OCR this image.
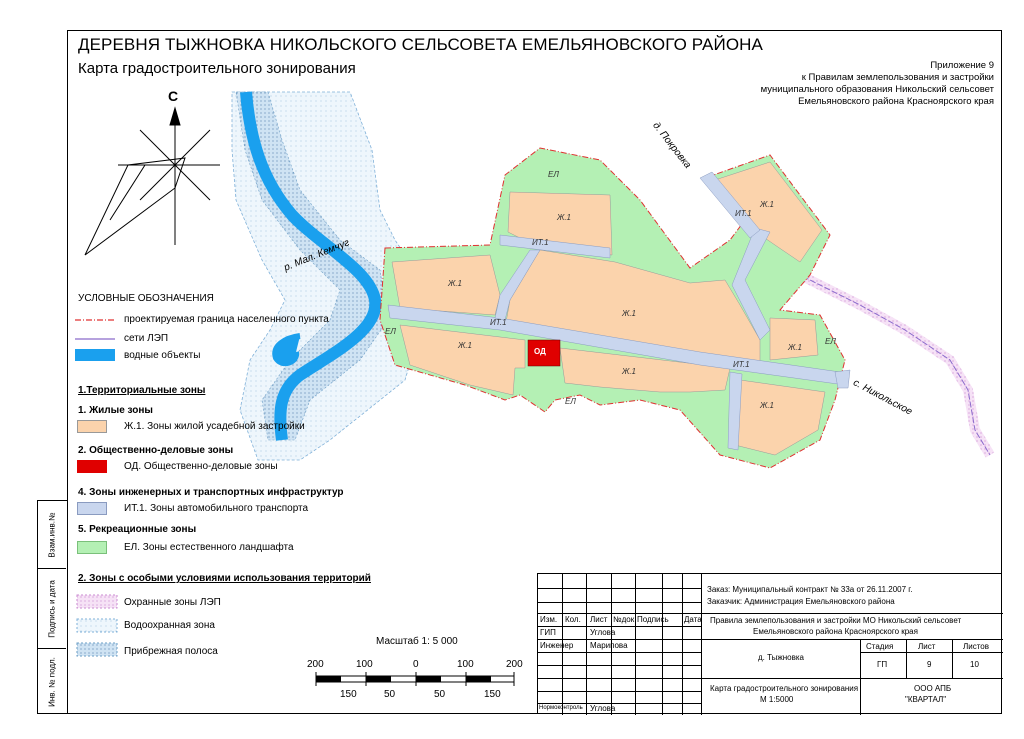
Взам.инв.№
Подпись и дата
Инв. № подл.
ДЕРЕВНЯ ТЫЖНОВКА НИКОЛЬСКОГО СЕЛЬСОВЕТА ЕМЕЛЬЯНОВСКОГО РАЙОНА
Карта градостроительного зонирования	Приложение 9
к Правилам землепользования и застройки
муниципального образования Никольский сельсовет
Емельяновского района Красноярского края
С
р. Мал. Кемчуг
д. Покровка
с. Никольское
ЕЛ
ЕЛ
ЕЛ
ЕЛ
Ж.1
Ж.1
Ж.1
Ж.1
Ж.1
Ж.1
Ж.1
Ж.1
ИТ.1
ИТ.1
ИТ.1
ИТ.1
ОД
УСЛОВНЫЕ ОБОЗНАЧЕНИЯ
проектируемая граница населенного пункта
сети ЛЭП
водные объекты
1.Территориальные зоны
1. Жилые зоны
Ж.1. Зоны жилой усадебной застройки
2. Общественно-деловые зоны
ОД. Общественно-деловые зоны
4. Зоны инженерных и транспортных инфраструктур
ИТ.1. Зоны автомобильного транспорта
5. Рекреационные зоны
ЕЛ. Зоны естественного ландшафта
2. Зоны с особыми условиями использования территорий
Охранные зоны ЛЭП
Водоохранная зона
Прибрежная полоса
Масштаб 1: 5 000
200	100	0	100	200
150	50	50	150
Заказ: Муниципальный контракт № 33а от 26.11.2007 г.
Заказчик: Администрация Емельяновского района
Изм. Кол. Лист №док Подпись Дата
ГИП	Углова
Инженер Марипова
Нормоконтроль Углова
Правила землепользования и застройки МО Никольский сельсовет
Емельяновского района Красноярского края
д. Тыжновка
Стадия	Лист	Листов
ГП	9	10
Карта градостроительного зонирования
М 1:5000
ООО АПБ
"КВАРТАЛ"
